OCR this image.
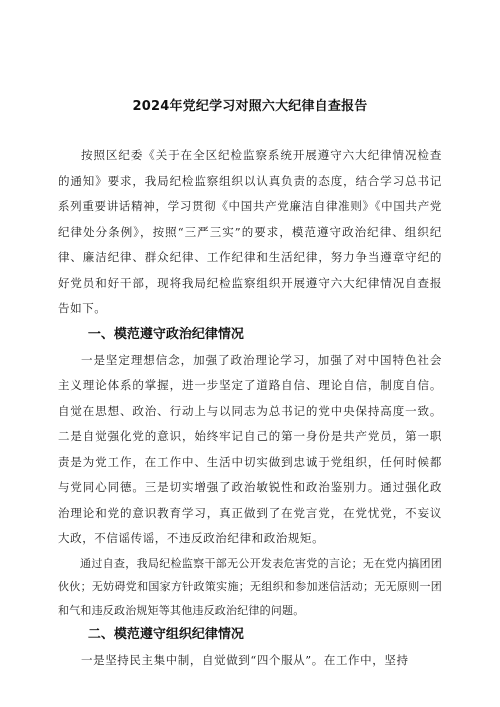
2024年党纪学习对照六大纪律自查报告

按照区纪委《关于在全区纪检监察系统开展遵守六大纪律情况检查的通知》要求，我局纪检监察组织以认真负责的态度，结合学习总书记系列重要讲话精神，学习贯彻《中国共产党廉洁自律准则》《中国共产党纪律处分条例》，按照“三严三实”的要求，模范遵守政治纪律、组织纪律、廉洁纪律、群众纪律、工作纪律和生活纪律，努力争当遵章守纪的好党员和好干部，现将我局纪检监察组织开展遵守六大纪律情况自查报告如下。

一、模范遵守政治纪律情况

一是坚定理想信念，加强了政治理论学习，加强了对中国特色社会主义理论体系的掌握，进一步坚定了道路自信、理论自信，制度自信。自觉在思想、政治、行动上与以同志为总书记的党中央保持高度一致。二是自觉强化党的意识，始终牢记自己的第一身份是共产党员，第一职责是为党工作，在工作中、生活中切实做到忠诚于党组织，任何时候都与党同心同德。三是切实增强了政治敏锐性和政治鉴别力。通过强化政治理论和党的意识教育学习，真正做到了在党言党，在党忧党，不妄议大政，不信谣传谣，不违反政治纪律和政治规矩。

通过自查，我局纪检监察干部无公开发表危害党的言论；无在党内搞团团伙伙；无妨碍党和国家方针政策实施；无组织和参加迷信活动；无无原则一团和气和违反政治规矩等其他违反政治纪律的问题。

二、模范遵守组织纪律情况

一是坚持民主集中制，自觉做到“四个服从”。在工作中，坚持
